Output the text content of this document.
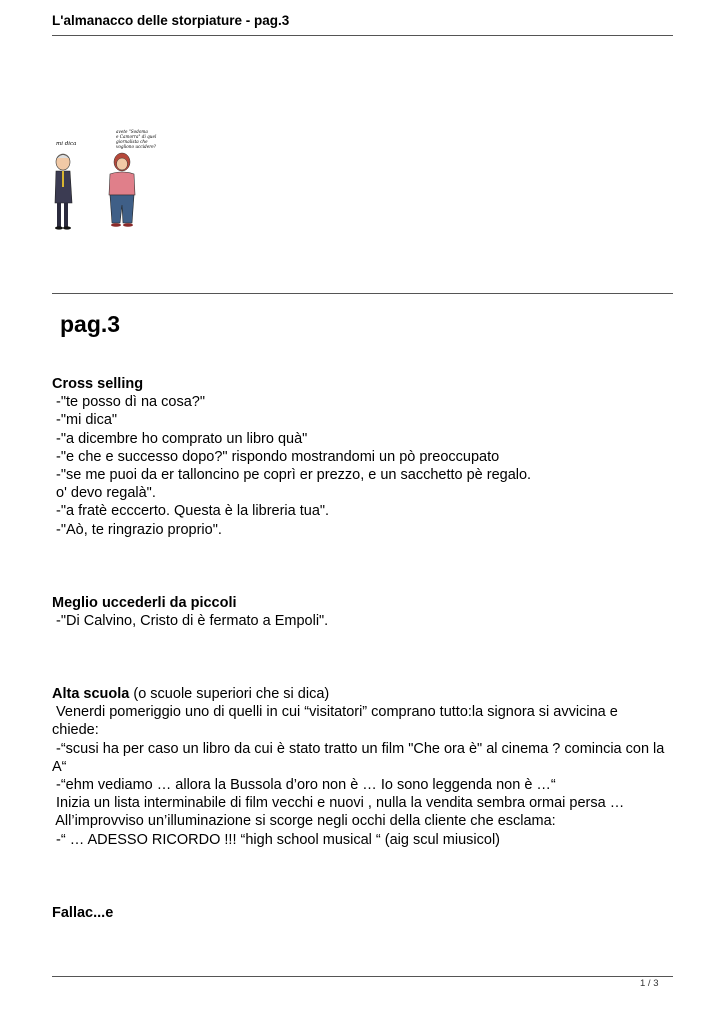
L'almanacco delle storpiature - pag.3
mi dica
avete "Sodoma
e Camorra" di quel
giornalista che
vogliono uccidere?
pag.3
Cross selling
-"te posso dì na cosa?"
-"mi dica"
-"a dicembre ho comprato un libro quà"
-"e che e successo dopo?" rispondo mostrandomi un pò preoccupato
-"se me puoi da er talloncino pe coprì er prezzo, e un sacchetto pè regalo.
o' devo regalà".
-"a fratè ecccerto. Questa è la libreria tua".
-"Aò, te ringrazio proprio".
Meglio uccederli da piccoli
-"Di Calvino, Cristo di è fermato a Empoli".
Alta scuola (o scuole superiori che si dica)
Venerdi pomeriggio uno di quelli in cui “visitatori” comprano tutto:la signora si avvicina e
chiede:
-“scusi ha per caso un libro da cui è stato tratto un film "Che ora è" al cinema ? comincia con la
A“
-“ehm vediamo … allora la Bussola d’oro non è … Io sono leggenda non è …“
Inizia un lista interminabile di film vecchi e nuovi , nulla la vendita sembra ormai persa …
All’improvviso un’illuminazione si scorge negli occhi della cliente che esclama:
-“ … ADESSO RICORDO !!! “high school musical “ (aig scul miusicol)
Fallac...e
1 / 3
